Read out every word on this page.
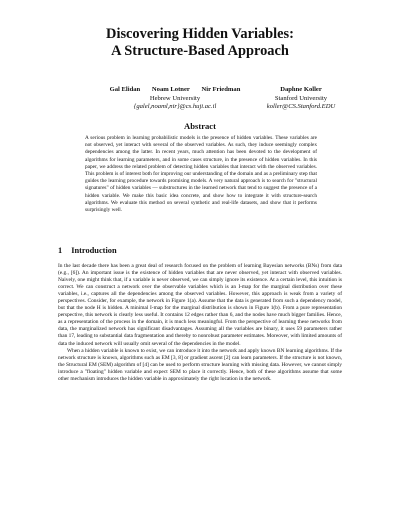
Discovering Hidden Variables:
A Structure-Based Approach
Gal Elidan Noam Lotner Nir Friedman
Hebrew University
{galel,noaml,nir}@cs.huji.ac.il
Daphne Koller
Stanford University
koller@CS.Stanford.EDU
Abstract

A serious problem in learning probabilistic models is the presence of hidden variables. These variables are not observed, yet interact with several of the observed variables. As such, they induce seemingly complex dependencies among the latter. In recent years, much attention has been devoted to the development of algorithms for learning parameters, and in some cases structure, in the presence of hidden variables. In this paper, we address the related problem of detecting hidden variables that interact with the observed variables. This problem is of interest both for improving our understanding of the domain and as a preliminary step that guides the learning procedure towards promising models. A very natural approach is to search for "structural signatures" of hidden variables — substructures in the learned network that tend to suggest the presence of a hidden variable. We make this basic idea concrete, and show how to integrate it with structure-search algorithms. We evaluate this method on several synthetic and real-life datasets, and show that it performs surprisingly well.

1 Introduction

In the last decade there has been a great deal of research focused on the problem of learning Bayesian networks (BNs) from data (e.g., [6]). An important issue is the existence of hidden variables that are never observed, yet interact with observed variables. Naively, one might think that, if a variable is never observed, we can simply ignore its existence. At a certain level, this intuition is correct. We can construct a network over the observable variables which is an I-map for the marginal distribution over these variables, i.e., captures all the dependencies among the observed variables. However, this approach is weak from a variety of perspectives. Consider, for example, the network in Figure 1(a). Assume that the data is generated from such a dependency model, but that the node H is hidden. A minimal I-map for the marginal distribution is shown in Figure 1(b). From a pure representation perspective, this network is clearly less useful. It contains 12 edges rather than 6, and the nodes have much bigger families. Hence, as a representation of the process in the domain, it is much less meaningful. From the perspective of learning these networks from data, the marginalized network has significant disadvantages. Assuming all the variables are binary, it uses 59 parameters rather than 17, leading to substantial data fragmentation and thereby to nonrobust parameter estimates. Moreover, with limited amounts of data the induced network will usually omit several of the dependencies in the model.

When a hidden variable is known to exist, we can introduce it into the network and apply known BN learning algorithms. If the network structure is known, algorithms such as EM [3, 8] or gradient ascent [2] can learn parameters. If the structure is not known, the Structural EM (SEM) algorithm of [4] can be used to perform structure learning with missing data. However, we cannot simply introduce a "floating" hidden variable and expect SEM to place it correctly. Hence, both of these algorithms assume that some other mechanism introduces the hidden variable in approximately the right location in the network.
